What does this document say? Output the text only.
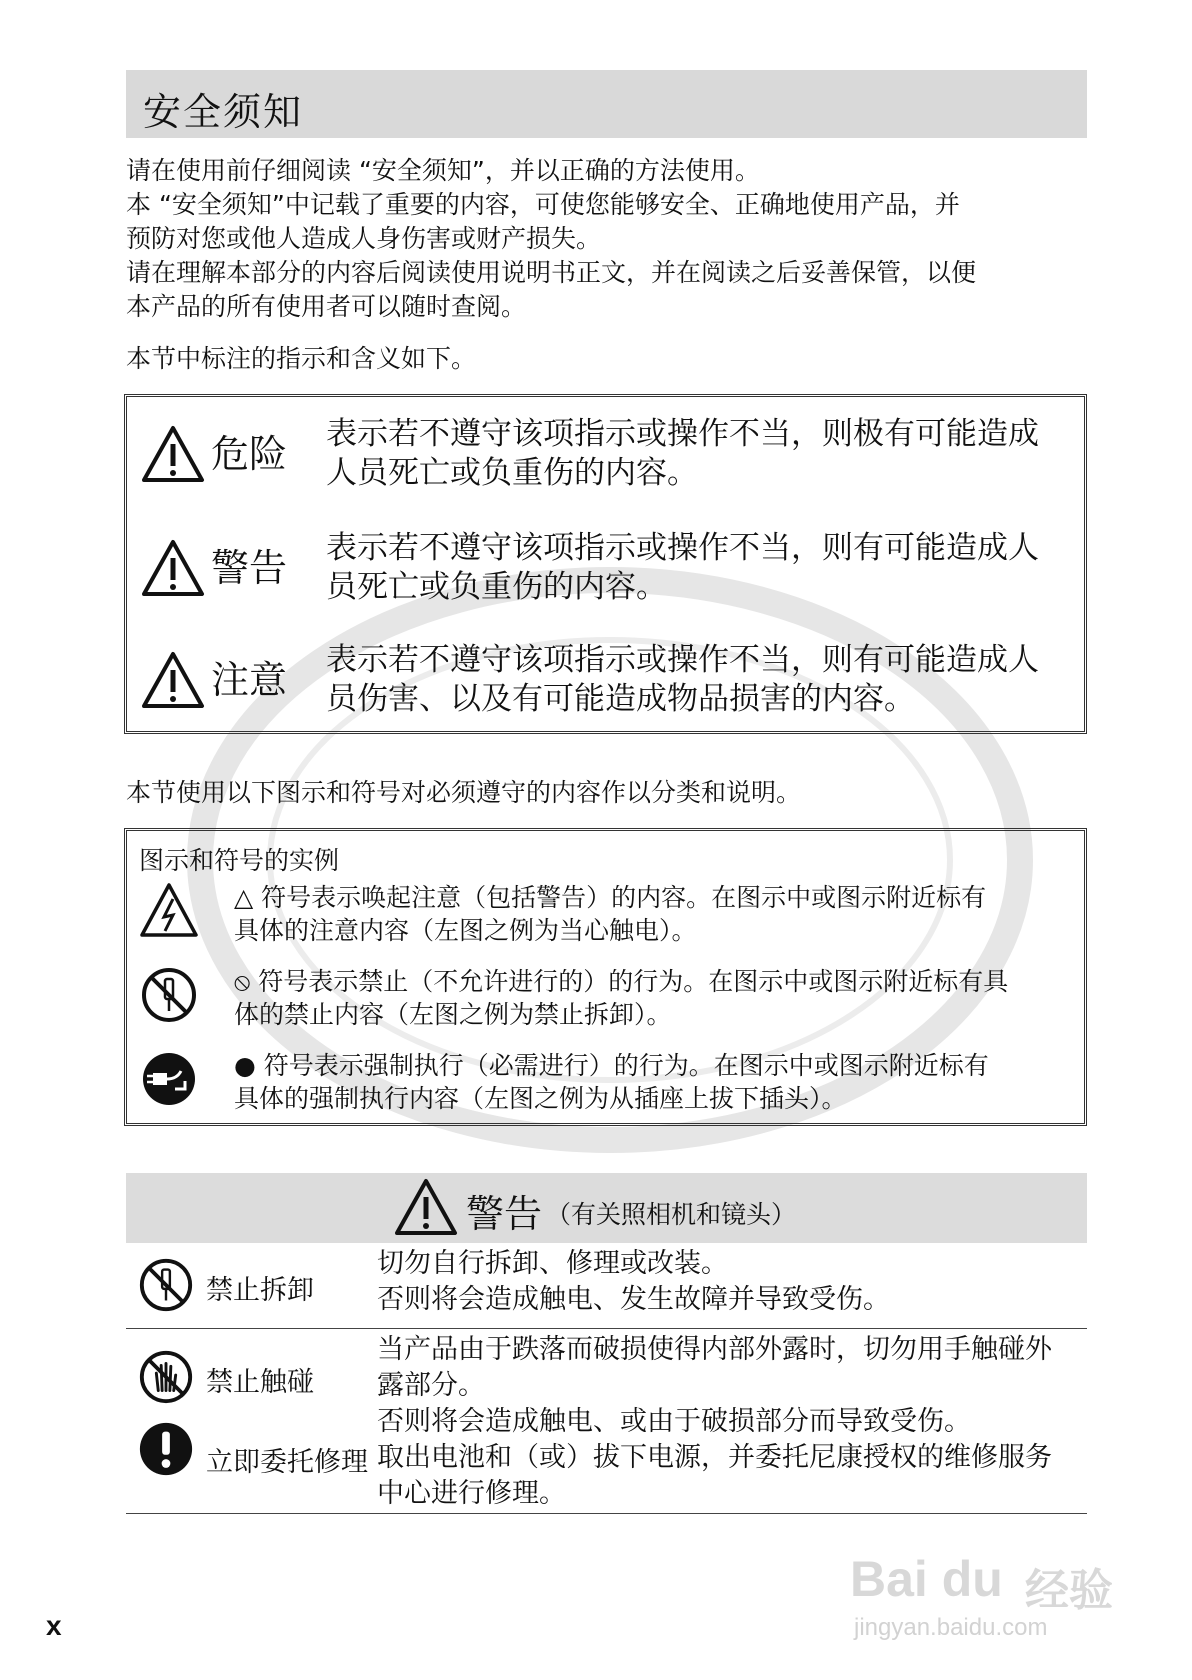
安全须知
请在使用前仔细阅读 “安全须知”，并以正确的方法使用。
本 “安全须知”中记载了重要的内容，可使您能够安全、正确地使用产品，并
预防对您或他人造成人身伤害或财产损失。
请在理解本部分的内容后阅读使用说明书正文，并在阅读之后妥善保管，以便
本产品的所有使用者可以随时查阅。
本节中标注的指示和含义如下。
危险 表示若不遵守该项指示或操作不当，则极有可能造成
人员死亡或负重伤的内容。
警告 表示若不遵守该项指示或操作不当，则有可能造成人
员死亡或负重伤的内容。
注意 表示若不遵守该项指示或操作不当，则有可能造成人
员伤害、以及有可能造成物品损害的内容。
本节使用以下图示和符号对必须遵守的内容作以分类和说明。
图示和符号的实例
△ 符号表示唤起注意（包括警告）的内容。在图示中或图示附近标有
具体的注意内容（左图之例为当心触电）。
⦸ 符号表示禁止（不允许进行的）的行为。在图示中或图示附近标有具
体的禁止内容（左图之例为禁止拆卸）。
● 符号表示强制执行（必需进行）的行为。在图示中或图示附近标有
具体的强制执行内容（左图之例为从插座上拔下插头）。
警告 （有关照相机和镜头）
禁止拆卸
切勿自行拆卸、修理或改装。
否则将会造成触电、发生故障并导致受伤。
禁止触碰
立即委托修理
当产品由于跌落而破损使得内部外露时，切勿用手触碰外
露部分。
否则将会造成触电、或由于破损部分而导致受伤。
取出电池和（或）拔下电源，并委托尼康授权的维修服务
中心进行修理。
x
Bai du 经验
jingyan.baidu.com
